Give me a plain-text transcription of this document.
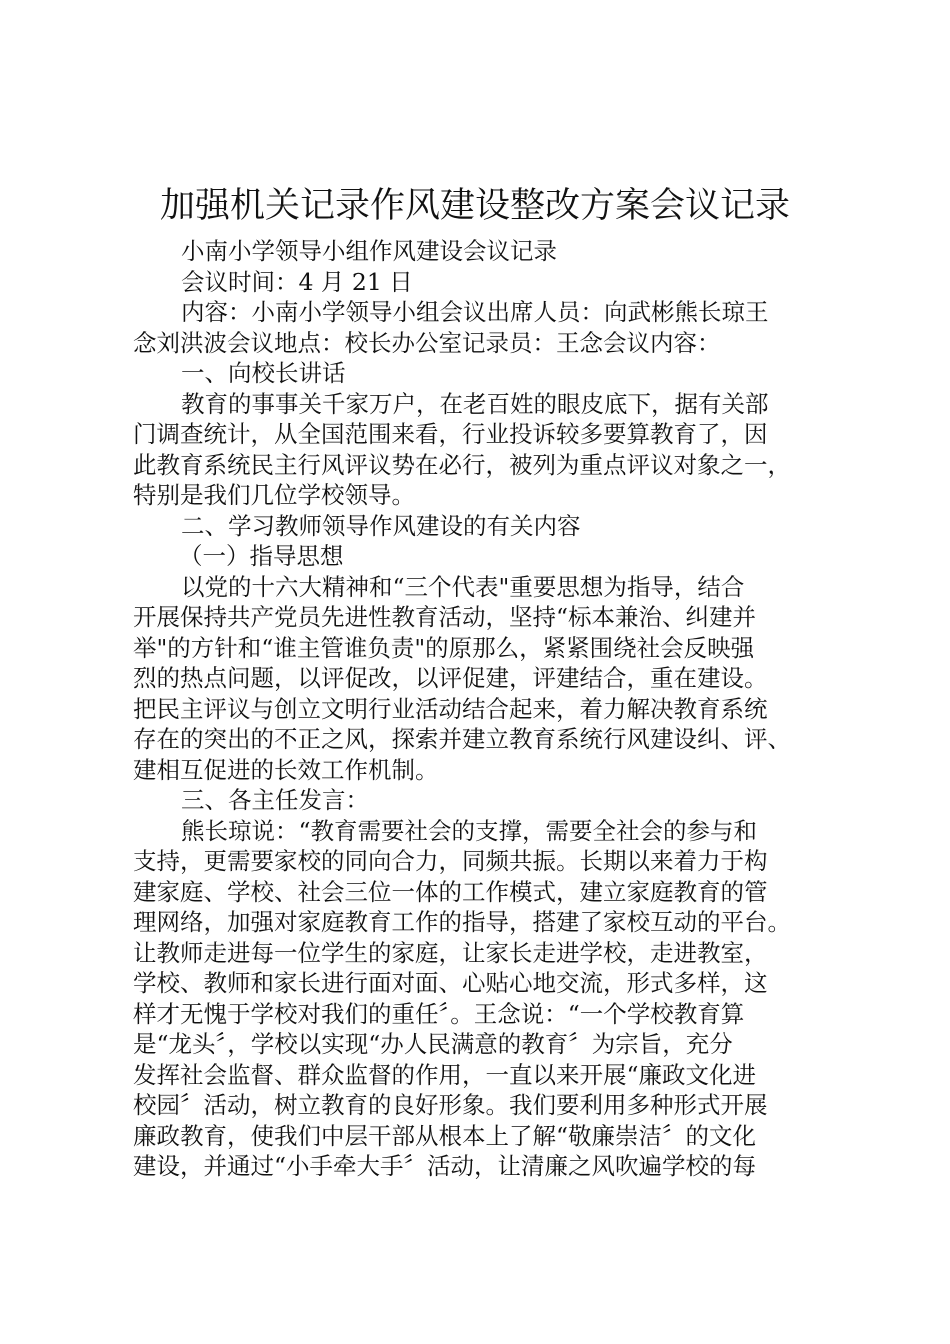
加强机关记录作风建设整改方案会议记录
小南小学领导小组作风建设会议记录
会议时间：4 月 21 日
内容：小南小学领导小组会议出席人员：向武彬熊长琼王
念刘洪波会议地点：校长办公室记录员：王念会议内容：
一、向校长讲话
教育的事事关千家万户，在老百姓的眼皮底下，据有关部
门调查统计，从全国范围来看，行业投诉较多要算教育了，因
此教育系统民主行风评议势在必行，被列为重点评议对象之一，
特别是我们几位学校领导。
二、学习教师领导作风建设的有关内容
（一）指导思想
以党的十六大精神和“三个代表"重要思想为指导，结合
开展保持共产党员先进性教育活动，坚持“标本兼治、纠建并
举"的方针和“谁主管谁负责"的原那么，紧紧围绕社会反映强
烈的热点问题，以评促改，以评促建，评建结合，重在建设。
把民主评议与创立文明行业活动结合起来，着力解决教育系统
存在的突出的不正之风，探索并建立教育系统行风建设纠、评、
建相互促进的长效工作机制。
三、各主任发言：
熊长琼说：“教育需要社会的支撑，需要全社会的参与和
支持，更需要家校的同向合力，同频共振。长期以来着力于构
建家庭、学校、社会三位一体的工作模式，建立家庭教育的管
理网络，加强对家庭教育工作的指导，搭建了家校互动的平台。
让教师走进每一位学生的家庭，让家长走进学校，走进教室，
学校、教师和家长进行面对面、心贴心地交流，形式多样，这
样才无愧于学校对我们的重任〞。王念说：“一个学校教育算
是“龙头〞，学校以实现“办人民满意的教育〞为宗旨，充分
发挥社会监督、群众监督的作用，一直以来开展“廉政文化进
校园〞活动，树立教育的良好形象。我们要利用多种形式开展
廉政教育，使我们中层干部从根本上了解“敬廉崇洁〞的文化
建设，并通过“小手牵大手〞活动，让清廉之风吹遍学校的每
